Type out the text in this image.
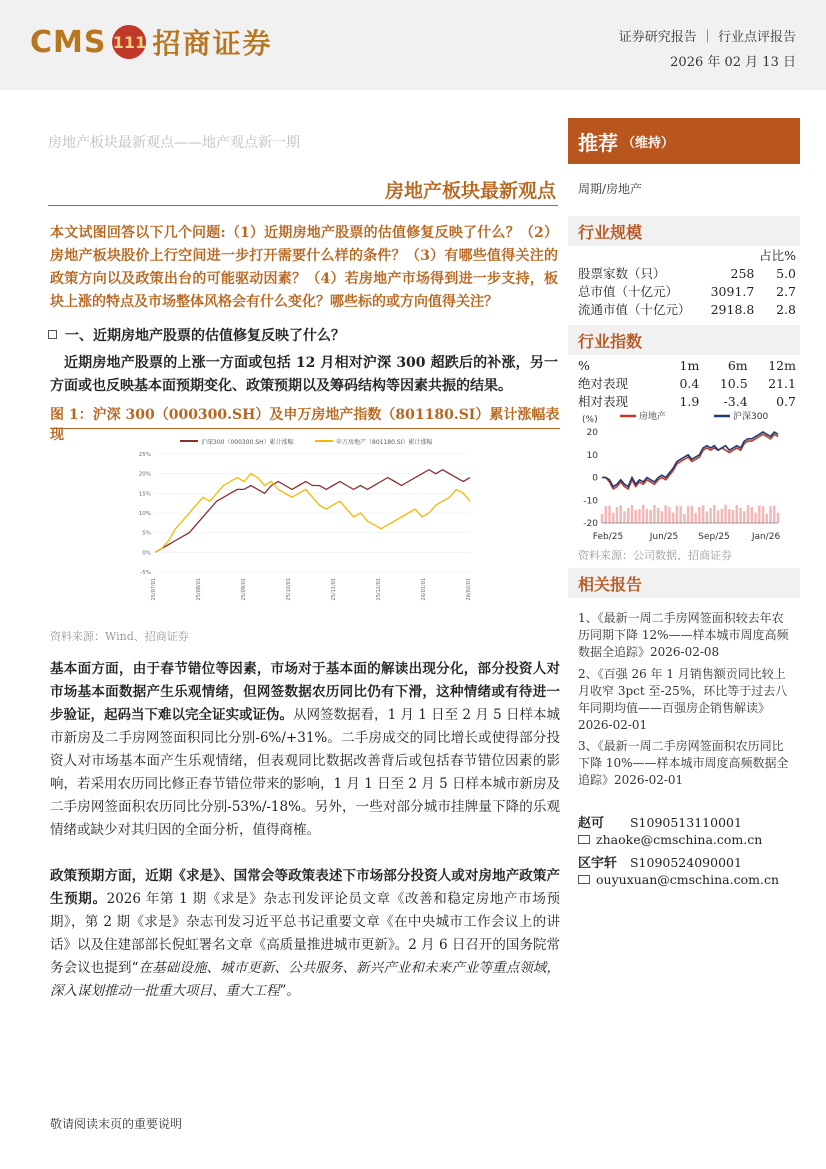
CMS 111 招商证券	证券研究报告 ｜ 行业点评报告
2026 年 02 月 13 日
房地产板块最新观点——地产观点新一期
房地产板块最新观点
本文试图回答以下几个问题:（1）近期房地产股票的估值修复反映了什么？（2）房地产板块股价上行空间进一步打开需要什么样的条件？（3）有哪些值得关注的政策方向以及政策出台的可能驱动因素？（4）若房地产市场得到进一步支持，板块上涨的特点及市场整体风格会有什么变化？哪些标的或方向值得关注？
一、近期房地产股票的估值修复反映了什么？
近期房地产股票的上涨一方面或包括 12 月相对沪深 300 超跌后的补涨，另一方面或也反映基本面预期变化、政策预期以及筹码结构等因素共振的结果。
图 1：沪深 300（000300.SH）及申万房地产指数（801180.SI）累计涨幅表现	沪深300（000300.SH）累计涨幅	申万房地产（801180.SI）累计涨幅
25%
20%
15%
10%
5%
0%
-5%
25/07/01	25/08/01	25/09/01	25/10/01	25/11/01	25/12/01	26/01/01	26/02/01
资料来源：Wind、招商证券
基本面方面，由于春节错位等因素，市场对于基本面的解读出现分化，部分投资人对市场基本面数据产生乐观情绪，但网签数据农历同比仍有下滑，这种情绪或有待进一步验证，起码当下难以完全证实或证伪。从网签数据看，1 月 1 日至 2 月 5 日样本城市新房及二手房网签面积同比分别-6%/+31%。二手房成交的同比增长或使得部分投资人对市场基本面产生乐观情绪，但表观同比数据改善背后或包括春节错位因素的影响，若采用农历同比修正春节错位带来的影响，1 月 1 日至 2 月 5 日样本城市新房及二手房网签面积农历同比分别-53%/-18%。另外，一些对部分城市挂牌量下降的乐观情绪或缺少对其归因的全面分析，值得商榷。
政策预期方面，近期《求是》、国常会等政策表述下市场部分投资人或对房地产政策产生预期。2026 年第 1 期《求是》杂志刊发评论员文章《改善和稳定房地产市场预期》，第 2 期《求是》杂志刊发习近平总书记重要文章《在中央城市工作会议上的讲话》以及住建部部长倪虹署名文章《高质量推进城市更新》。2 月 6 日召开的国务院常务会议也提到“在基础设施、城市更新、公共服务、新兴产业和未来产业等重点领域，深入谋划推动一批重大项目、重大工程”。
推荐 （维持）
周期/房地产
行业规模
		占比%
股票家数（只）	258	5.0
总市值（十亿元）	3091.7	2.7
流通市值（十亿元）	2918.8	2.8
行业指数
%	1m	6m	12m
绝对表现	0.4	10.5	21.1
相对表现	1.9	-3.4	0.7
(%)	房地产	沪深300
20
10
0
-10
-20
Feb/25	Jun/25 Sep/25 Jan/26
资料来源：公司数据、招商证券
相关报告
1、《最新一周二手房网签面积较去年农历同期下降 12%——样本城市周度高频数据全追踪》2026-02-08
2、《百强 26 年 1 月销售额贡同比较上月收窄 3pct 至-25%，环比等于过去八年同期均值——百强房企销售解读》2026-02-01
3、《最新一周二手房网签面积农历同比下降 10%——样本城市周度高频数据全追踪》2026-02-01
赵可 S1090513110001
zhaoke@cmschina.com.cn
区宇轩 S1090524090001
ouyuxuan@cmschina.com.cn
敬请阅读末页的重要说明
